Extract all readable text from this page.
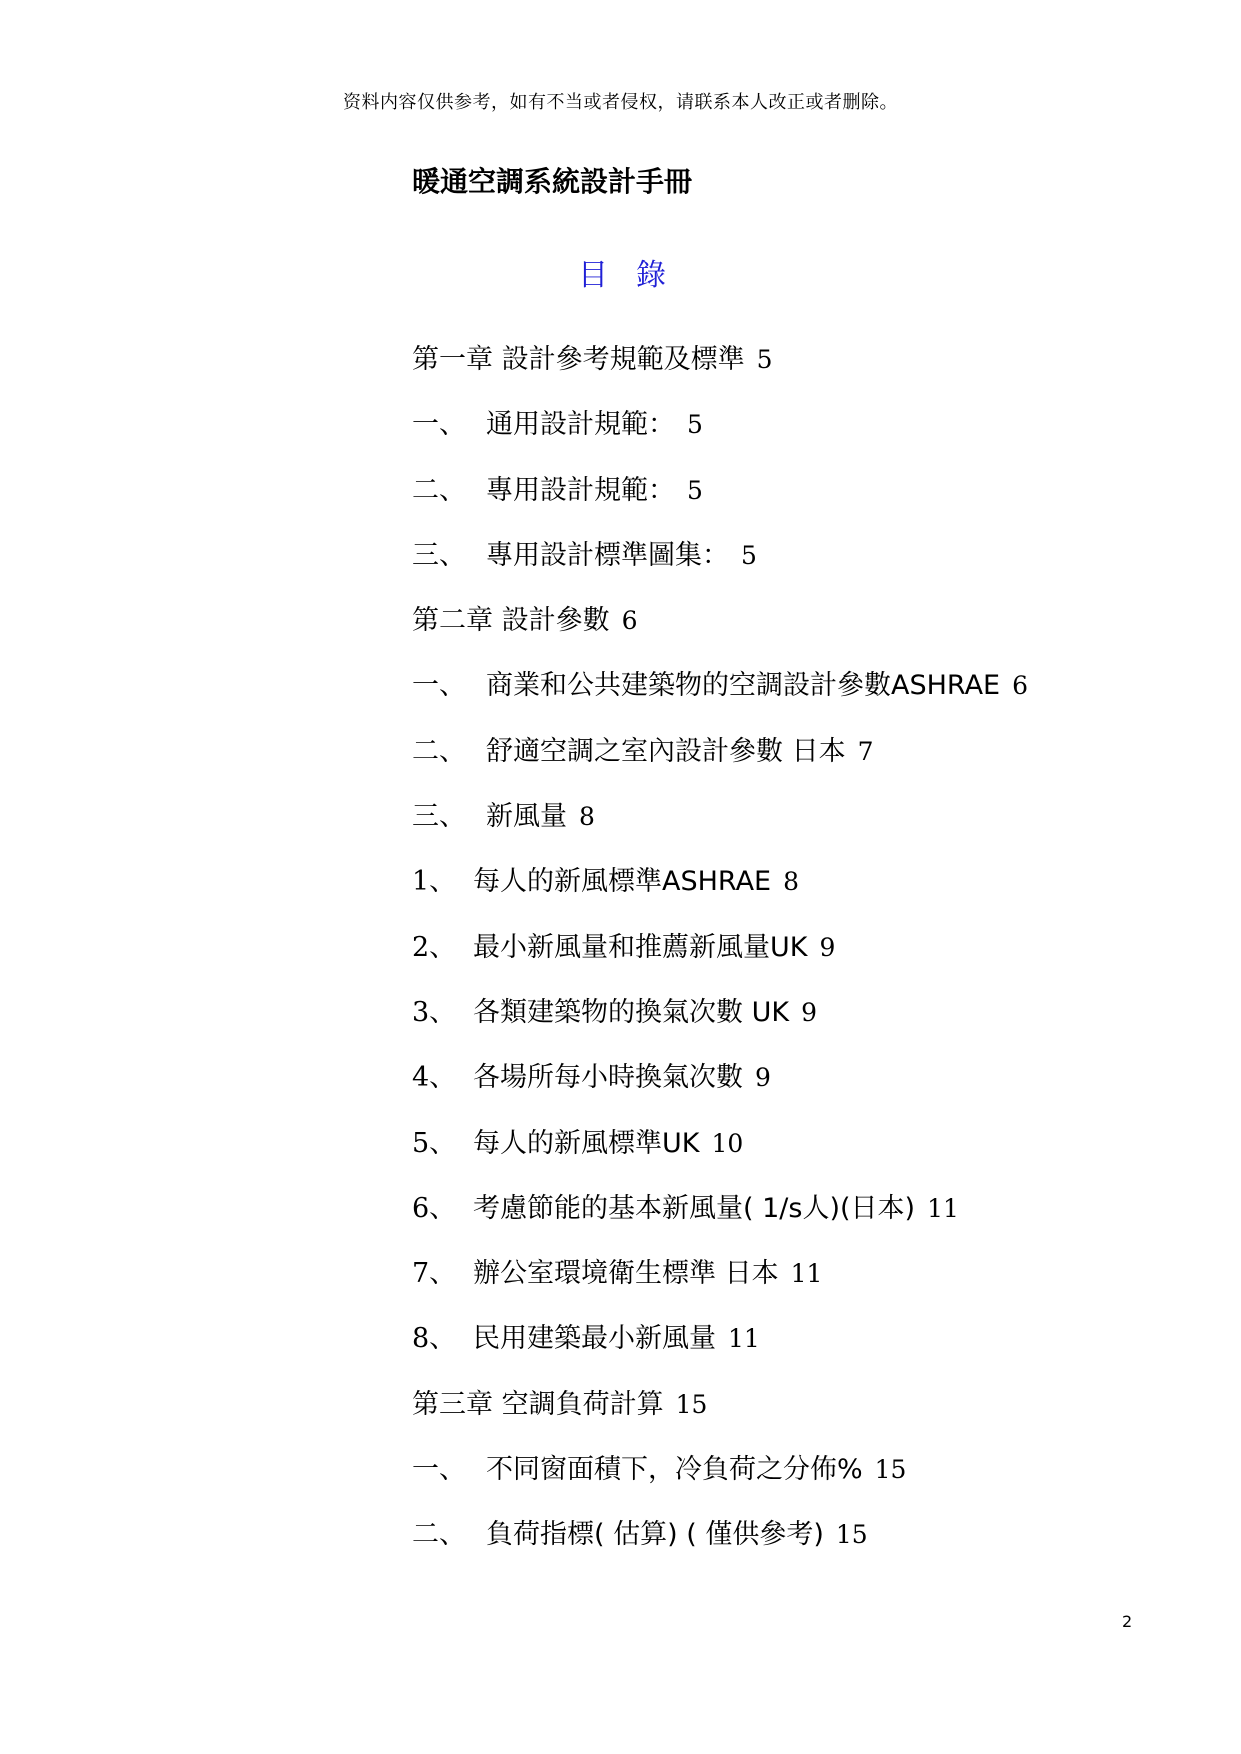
资料内容仅供参考，如有不当或者侵权，请联系本人改正或者删除。
暖通空調系統設計手冊
目錄
第一章 設計參考規範及標準 5
一、 通用設計規範： 5
二、 專用設計規範： 5
三、 專用設計標準圖集： 5
第二章 設計參數 6
一、 商業和公共建築物的空調設計參數ASHRAE 6
二、 舒適空調之室內設計參數 日本 7
三、 新風量 8
1、 每人的新風標準ASHRAE 8
2、 最小新風量和推薦新風量UK 9
3、 各類建築物的換氣次數 UK 9
4、 各場所每小時換氣次數 9
5、 每人的新風標準UK 10
6、 考慮節能的基本新風量( 1/s人)(日本) 11
7、 辦公室環境衛生標準 日本 11
8、 民用建築最小新風量 11
第三章 空調負荷計算 15
一、 不同窗面積下，冷負荷之分佈% 15
二、 負荷指標( 估算) ( 僅供參考) 15
2
